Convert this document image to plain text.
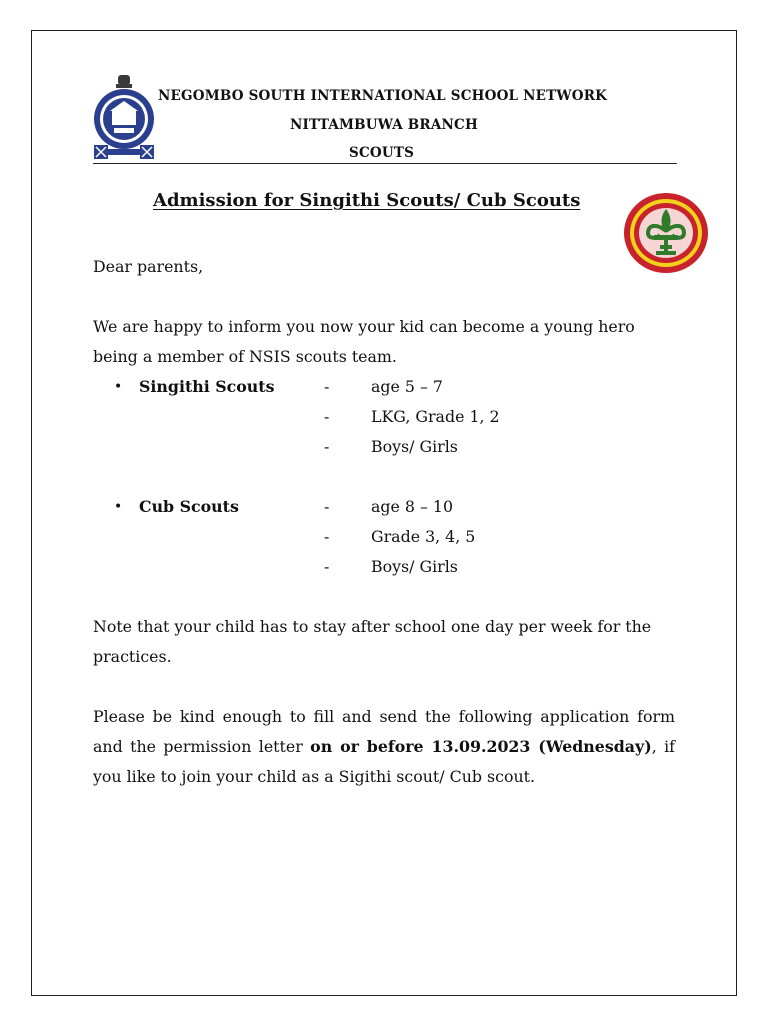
NEGOMBO SOUTH INTERNATIONAL SCHOOL NETWORK
NITTAMBUWA BRANCH
SCOUTS
Admission for Singithi Scouts/ Cub Scouts

Dear parents,

We are happy to inform you now your kid can become a young hero being a member of NSIS scouts team.

• Singithi Scouts	-	age 5 – 7
-	LKG, Grade 1, 2
-	Boys/ Girls
• Cub Scouts	-	age 8 – 10
-	Grade 3, 4, 5
-	Boys/ Girls

Note that your child has to stay after school one day per week for the practices.

Please be kind enough to fill and send the following application form and the permission letter on or before 13.09.2023 (Wednesday), if you like to join your child as a Sigithi scout/ Cub scout.
